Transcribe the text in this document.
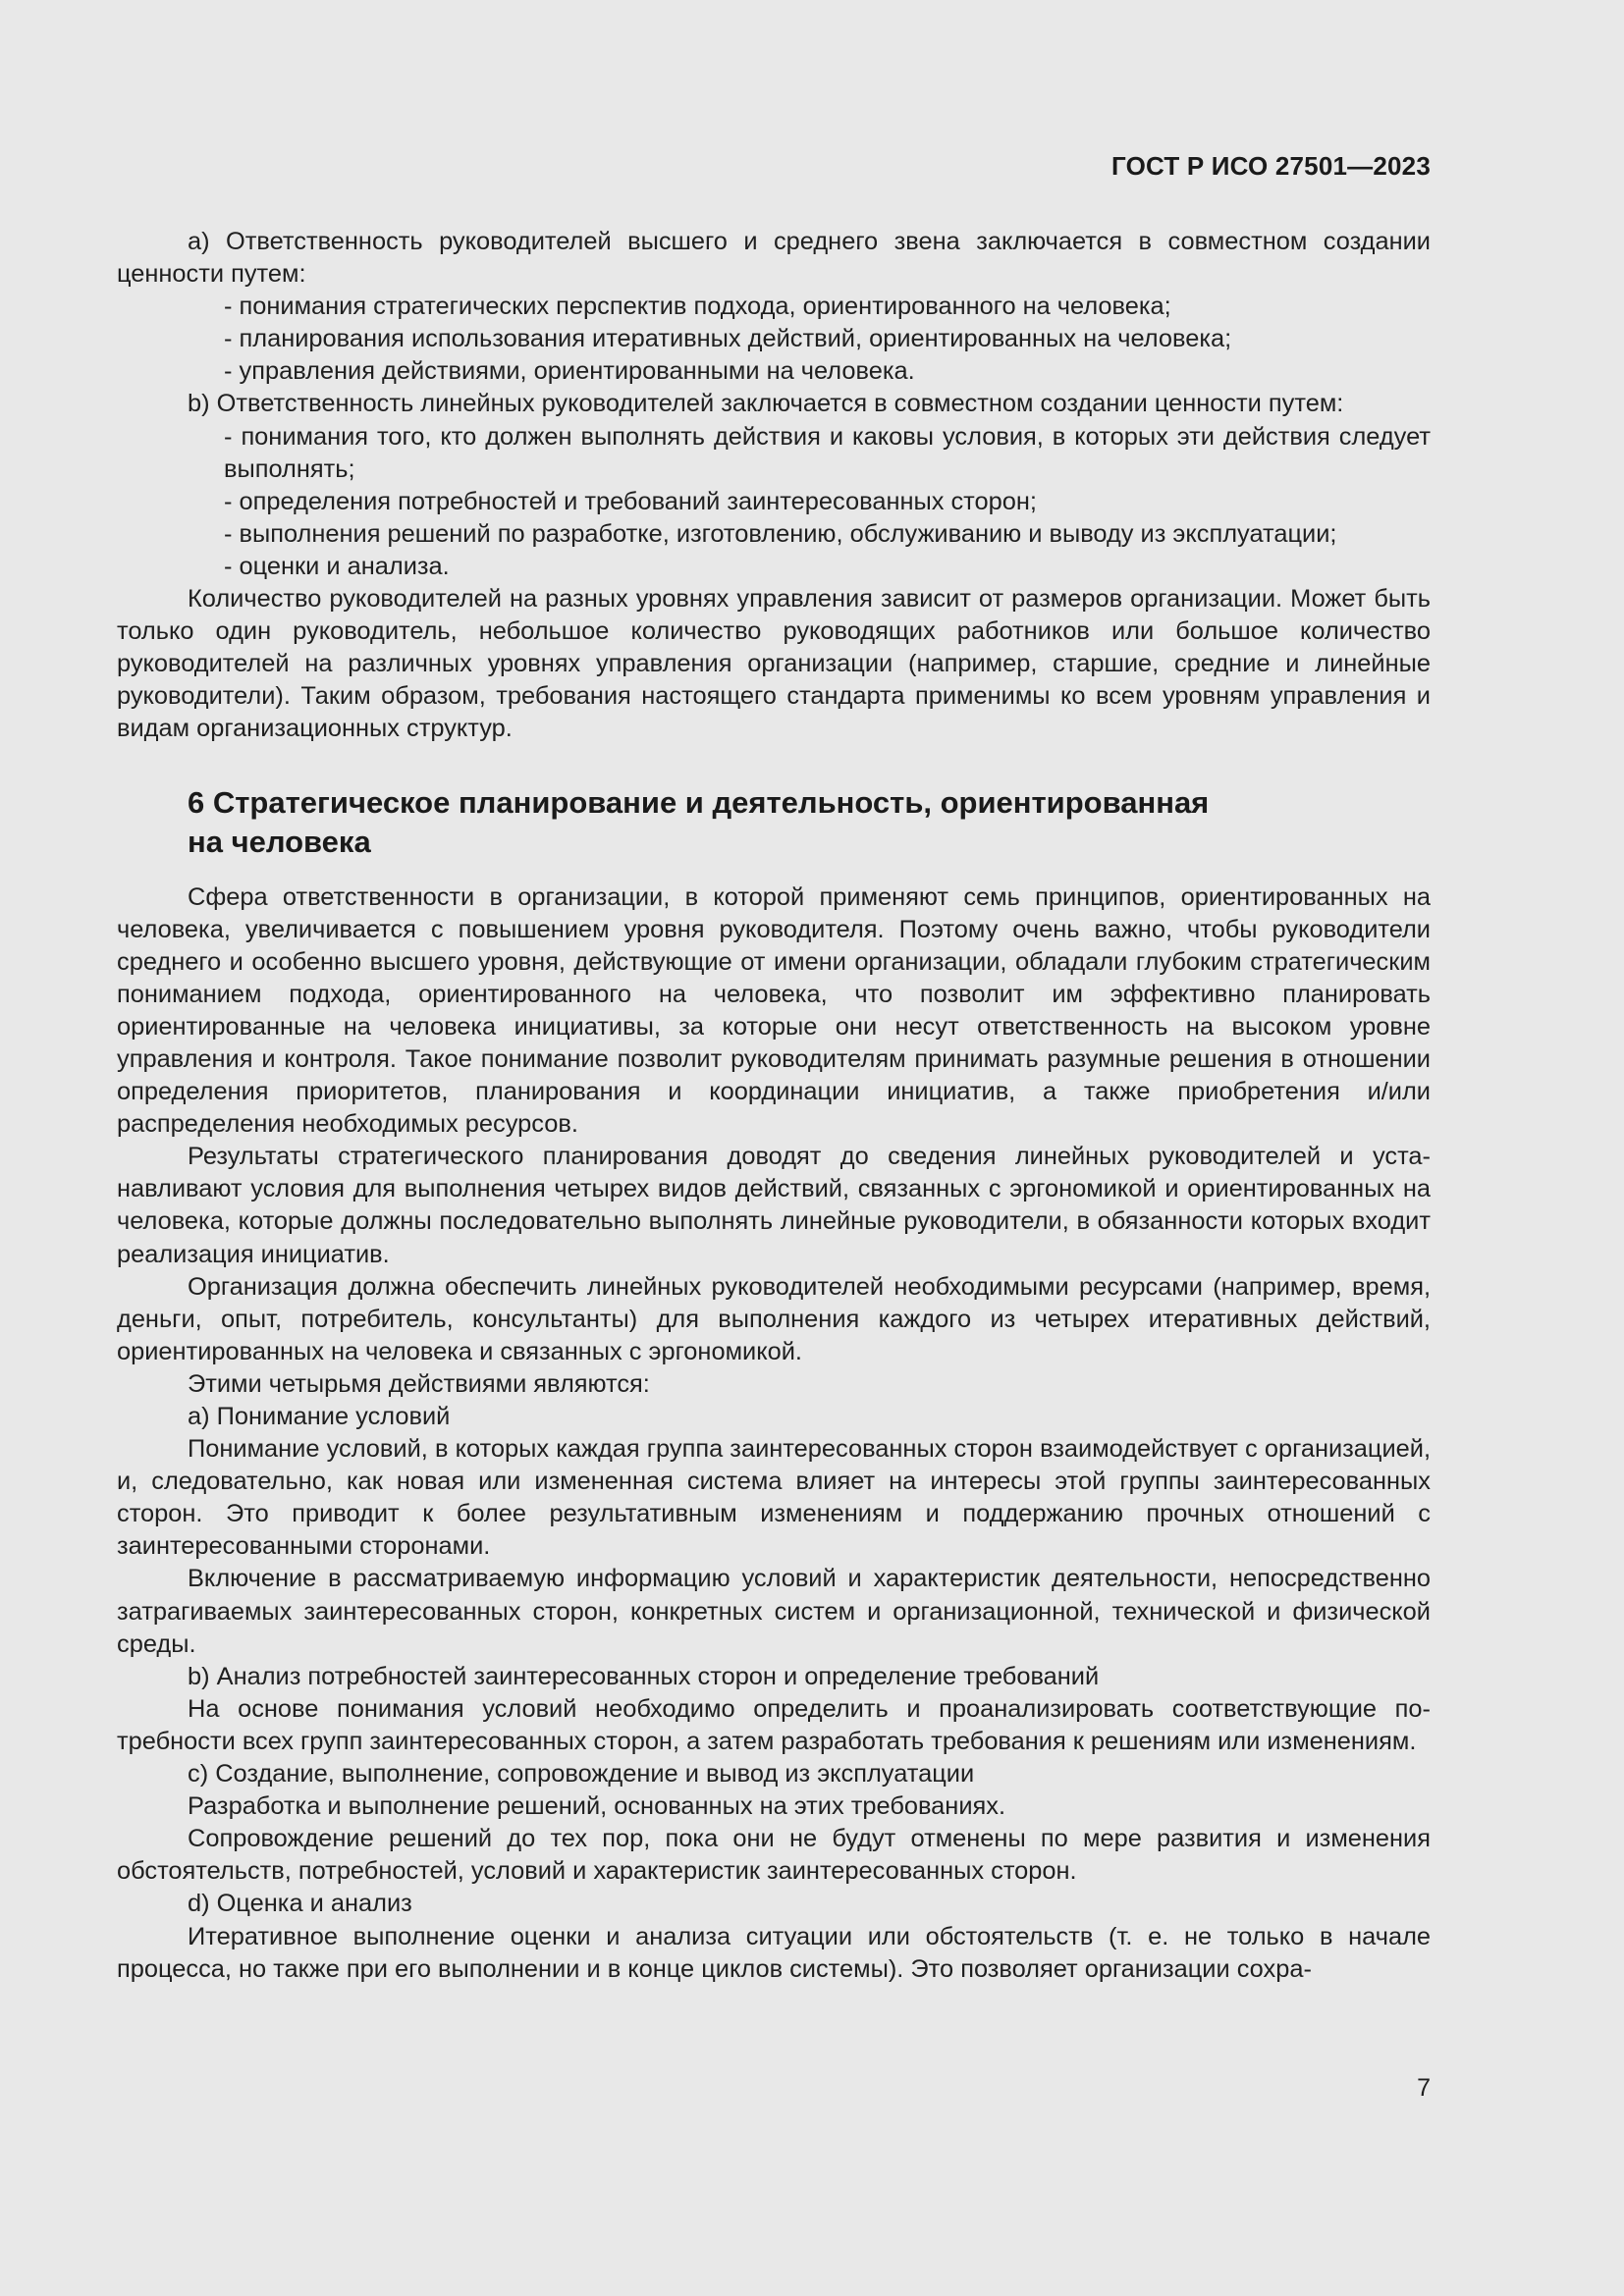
ГОСТ Р ИСО 27501—2023

a) Ответственность руководителей высшего и среднего звена заключается в совместном создании ценности путем:

- понимания стратегических перспектив подхода, ориентированного на человека;

- планирования использования итеративных действий, ориентированных на человека;

- управления действиями, ориентированными на человека.

b) Ответственность линейных руководителей заключается в совместном создании ценности путем:

- понимания того, кто должен выполнять действия и каковы условия, в которых эти действия следует выполнять;

- определения потребностей и требований заинтересованных сторон;

- выполнения решений по разработке, изготовлению, обслуживанию и выводу из эксплуатации;

- оценки и анализа.

Количество руководителей на разных уровнях управления зависит от размеров организации. Может быть только один руководитель, небольшое количество руководящих работников или большое количество руководителей на различных уровнях управления организации (например, старшие, средние и линейные руководители). Таким образом, требования настоящего стандарта применимы ко всем уровням управления и видам организационных структур.

6 Стратегическое планирование и деятельность, ориентированная
на человека

Сфера ответственности в организации, в которой применяют семь принципов, ориентированных на человека, увеличивается с повышением уровня руководителя. Поэтому очень важно, чтобы руководители среднего и особенно высшего уровня, действующие от имени организации, обладали глубоким стратегическим пониманием подхода, ориентированного на человека, что позволит им эффективно планировать ориентированные на человека инициативы, за которые они несут ответственность на высоком уровне управления и контроля. Такое понимание позволит руководителям принимать разумные решения в отношении определения приоритетов, планирования и координации инициатив, а также приобретения и/или распределения необходимых ресурсов.

Результаты стратегического планирования доводят до сведения линейных руководителей и устанавливают условия для выполнения четырех видов действий, связанных с эргономикой и ориентированных на человека, которые должны последовательно выполнять линейные руководители, в обязанности которых входит реализация инициатив.

Организация должна обеспечить линейных руководителей необходимыми ресурсами (например, время, деньги, опыт, потребитель, консультанты) для выполнения каждого из четырех итеративных действий, ориентированных на человека и связанных с эргономикой.

Этими четырьмя действиями являются:

a) Понимание условий

Понимание условий, в которых каждая группа заинтересованных сторон взаимодействует с организацией, и, следовательно, как новая или измененная система влияет на интересы этой группы заинтересованных сторон. Это приводит к более результативным изменениям и поддержанию прочных отношений с заинтересованными сторонами.

Включение в рассматриваемую информацию условий и характеристик деятельности, непосредственно затрагиваемых заинтересованных сторон, конкретных систем и организационной, технической и физической среды.

b) Анализ потребностей заинтересованных сторон и определение требований

На основе понимания условий необходимо определить и проанализировать соответствующие потребности всех групп заинтересованных сторон, а затем разработать требования к решениям или изменениям.

c) Создание, выполнение, сопровождение и вывод из эксплуатации

Разработка и выполнение решений, основанных на этих требованиях.

Сопровождение решений до тех пор, пока они не будут отменены по мере развития и изменения обстоятельств, потребностей, условий и характеристик заинтересованных сторон.

d) Оценка и анализ

Итеративное выполнение оценки и анализа ситуации или обстоятельств (т. е. не только в начале процесса, но также при его выполнении и в конце циклов системы). Это позволяет организации сохра-

7
